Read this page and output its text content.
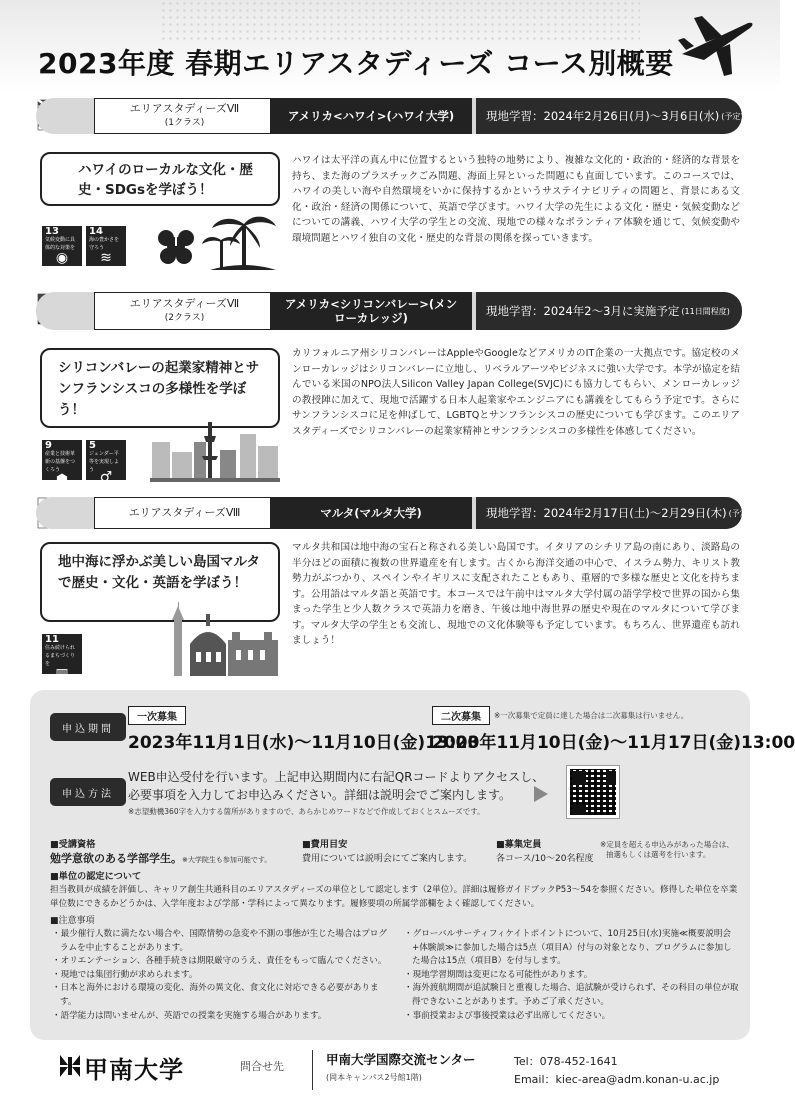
2023年度 春期エリアスタディーズ コース別概要
エリアスタディーズⅦ
(1クラス)	アメリカ<ハワイ>(ハワイ大学)	現地学習：2024年2月26日(月)～3月6日(水) (予定)
ハワイのローカルな文化・歴史・SDGsを学ぼう！
ハワイは太平洋の真ん中に位置するという独特の地勢により、複雑な文化的・政治的・経済的な背景を持ち、また海のプラスチックごみ問題、海面上昇といった問題にも直面しています。このコースでは、ハワイの美しい海や自然環境をいかに保持するかというサステイナビリティの問題と、背景にある文化・政治・経済の関係について、英語で学びます。ハワイ大学の先生による文化・歴史・気候変動などについての講義、ハワイ大学の学生との交流、現地での様々なボランティア体験を通じて、気候変動や環境問題とハワイ独自の文化・歴史的な背景の関係を探っていきます。
13
気候変動に具体的な対策を
◉
14
海の豊かさを守ろう
≋
エリアスタディーズⅦ
(2クラス)
アメリカ<シリコンバレー>(メンローカレッジ)	現地学習：2024年2～3月に実施予定 (11日間程度)
シリコンバレーの起業家精神とサンフランシスコの多様性を学ぼう！
カリフォルニア州シリコンバレーはAppleやGoogleなどアメリカのIT企業の一大拠点です。協定校のメンローカレッジはシリコンバレーに立地し、リベラルアーツやビジネスに強い大学です。本学が協定を結んでいる米国のNPO法人Silicon Valley Japan College(SVJC)にも協力してもらい、メンローカレッジの教授陣に加えて、現地で活躍する日本人起業家やエンジニアにも講義をしてもらう予定です。さらにサンフランシスコに足を伸ばして、LGBTQとサンフランシスコの歴史についても学びます。このエリアスタディーズでシリコンバレーの起業家精神とサンフランシスコの多様性を体感してください。
9
産業と技術革新の基盤をつくろう
⬢
5
ジェンダー平等を実現しよう
⚥
エリアスタディーズⅧ	マルタ(マルタ大学)	現地学習：2024年2月17日(土)～2月29日(木) (予定)
地中海に浮かぶ美しい島国マルタで歴史・文化・英語を学ぼう！
マルタ共和国は地中海の宝石と称される美しい島国です。イタリアのシチリア島の南にあり、淡路島の半分ほどの面積に複数の世界遺産を有します。古くから海洋交通の中心で、イスラム勢力、キリスト教勢力がぶつかり、スペインやイギリスに支配されたこともあり、重層的で多様な歴史と文化を持ちます。公用語はマルタ語と英語です。本コースでは午前中はマルタ大学付属の語学学校で世界の国から集まった学生と少人数クラスで英語力を磨き、午後は地中海世界の歴史や現在のマルタについて学びます。マルタ大学の学生とも交流し、現地での文化体験等も予定しています。もちろん、世界遺産も訪れましょう！
11
住み続けられるまちづくりを
▥
申込期間
一次募集
2023年11月1日(水)～11月10日(金)13:00
二次募集	※一次募集で定員に達した場合は二次募集は行いません。
2023年11月10日(金)～11月17日(金)13:00
申込方法
WEB申込受付を行います。上記申込期間内に右記QRコードよりアクセスし、
必要事項を入力してお申込みください。詳細は説明会でご案内します。
※志望動機360字を入力する箇所がありますので、あらかじめワードなどで作成しておくとスムーズです。
■受講資格
勉学意欲のある学部学生。※大学院生も参加可能です。
■費用目安
費用については説明会にてご案内します。
■募集定員
各コース/10～20名程度
※定員を超える申込みがあった場合は、
抽選もしくは選考を行います。
■単位の認定について
担当教員が成績を評価し、キャリア創生共通科目のエリアスタディーズの単位として認定します（2単位）。詳細は履修ガイドブックP53～54を参照ください。修得した単位を卒業単位数にできるかどうかは、入学年度および学部・学科によって異なります。履修要項の所属学部欄をよく確認してください。
■注意事項
・最少催行人数に満たない場合や、国際情勢の急変や不測の事態が生じた場合はプログラムを中止することがあります。
・オリエンテーション、各種手続きは期限厳守のうえ、責任をもって臨んでください。
・現地では集団行動が求められます。
・日本と海外における環境の変化、海外の異文化、食文化に対応できる必要があります。
・語学能力は問いませんが、英語での授業を実施する場合があります。
・グローバルサーティフィケイトポイントについて、10月25日(水)実施≪概要説明会+体験談≫に参加した場合は5点（項目A）付与の対象となり、プログラムに参加した場合は15点（項目B）を付与します。
・現地学習期間は変更になる可能性があります。
・海外渡航期間が追試験日と重複した場合、追試験が受けられず、その科目の単位が取得できないことがあります。予めご了承ください。
・事前授業および事後授業は必ず出席してください。
甲南大学	問合せ先	甲南大学国際交流センター
(岡本キャンパス2号館1階)
Tel：078-452-1641
Email：kiec-area@adm.konan-u.ac.jp
